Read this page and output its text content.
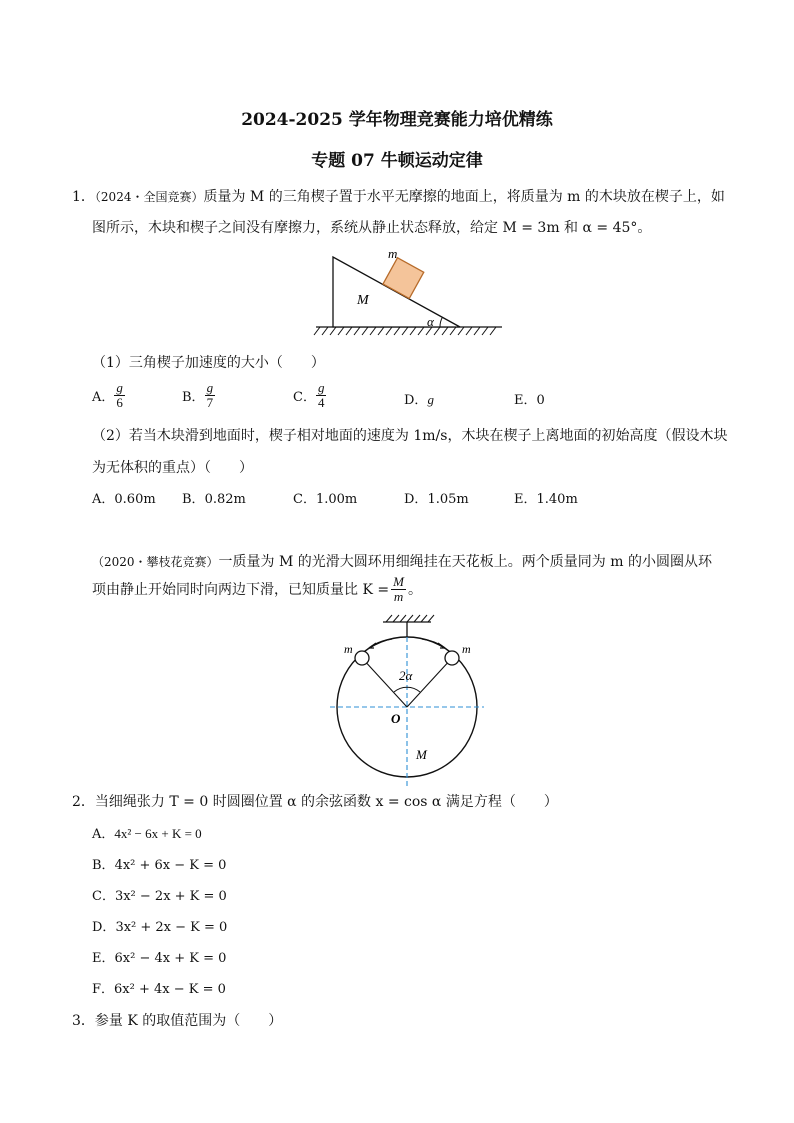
2024-2025 学年物理竞赛能力培优精练
专题 07 牛顿运动定律
1．（2024・全国竞赛）质量为 M 的三角楔子置于水平无摩擦的地面上，将质量为 m 的木块放在楔子上，如
图所示，木块和楔子之间没有摩擦力，系统从静止状态释放，给定 M = 3m 和 α = 45°。
M
m
α
（1）三角楔子加速度的大小（　　）
A． $\frac{g}{6}$	B． $\frac{g}{7}$	C． $\frac{g}{4}$	D．g	E．0
（2）若当木块滑到地面时，楔子相对地面的速度为 1m/s，木块在楔子上离地面的初始高度（假设木块
为无体积的重点）（　　）
A．0.60m B．0.82m	C．1.00m	D．1.05m	E．1.40m
（2020・攀枝花竞赛）一质量为 M 的光滑大圆环用细绳挂在天花板上。两个质量同为 m 的小圆圈从环
项由静止开始同时向两边下滑，已知质量比 $K = \frac{M}{m}$ 。
m	m
2α
O
M
2．当细绳张力 T = 0 时圆圈位置 α 的余弦函数 x = cos α 满足方程（　　）
A．4x² − 6x + K = 0
B．4x² + 6x − K = 0
C．3x² − 2x + K = 0
D．3x² + 2x − K = 0
E．6x² − 4x + K = 0
F．6x² + 4x − K = 0
3．参量 K 的取值范围为（　　）
